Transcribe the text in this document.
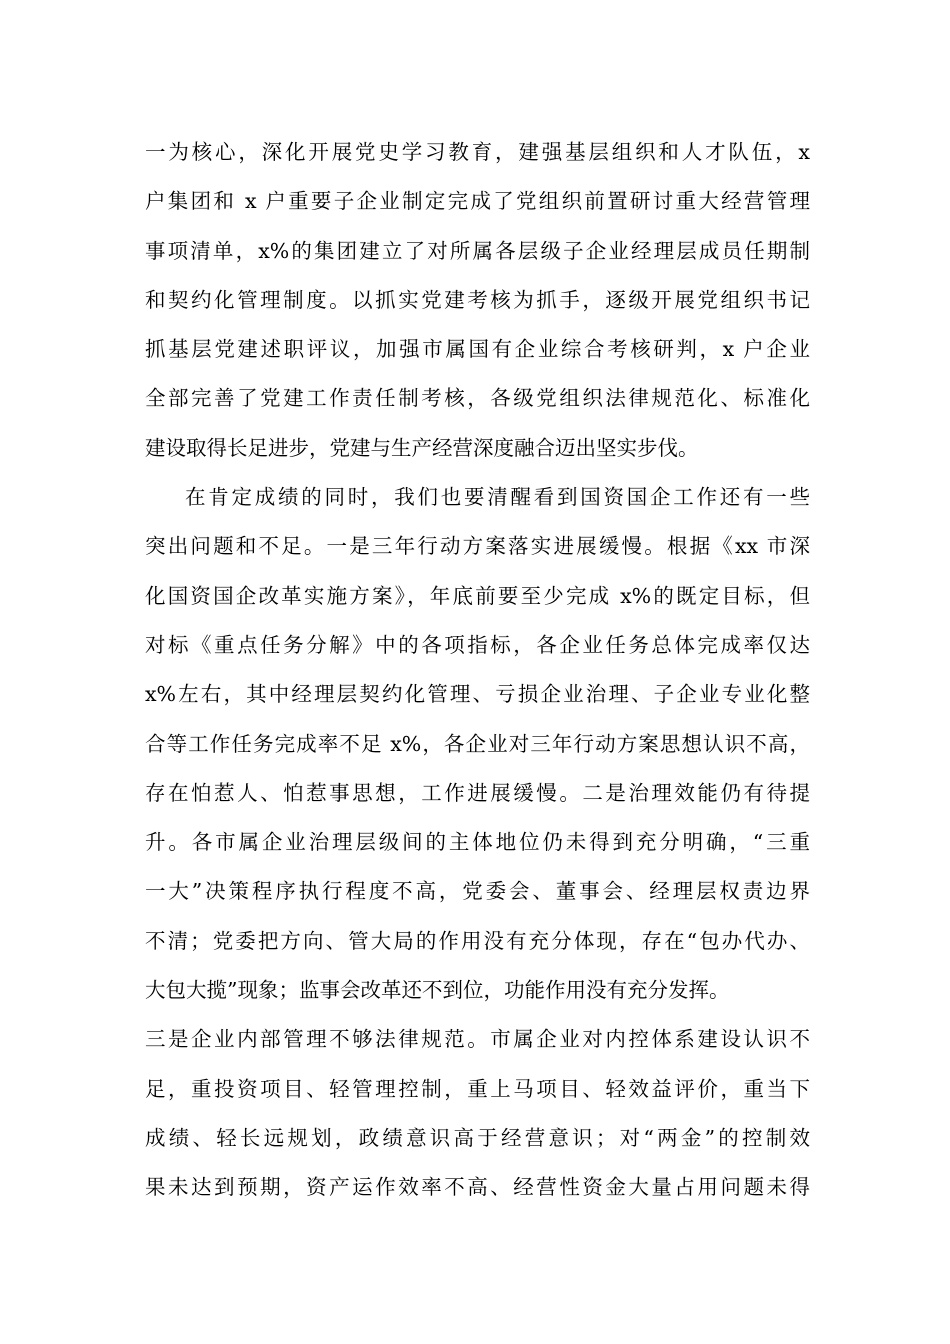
一为核心，深化开展党史学习教育，建强基层组织和人才队伍，x
户集团和 x 户重要子企业制定完成了党组织前置研讨重大经营管理
事项清单，x%的集团建立了对所属各层级子企业经理层成员任期制
和契约化管理制度。以抓实党建考核为抓手，逐级开展党组织书记
抓基层党建述职评议，加强市属国有企业综合考核研判，x 户企业
全部完善了党建工作责任制考核，各级党组织法律规范化、标准化
建设取得长足进步，党建与生产经营深度融合迈出坚实步伐。
在肯定成绩的同时，我们也要清醒看到国资国企工作还有一些
突出问题和不足。一是三年行动方案落实进展缓慢。根据《xx 市深
化国资国企改革实施方案》，年底前要至少完成 x%的既定目标，但
对标《重点任务分解》中的各项指标，各企业任务总体完成率仅达
x%左右，其中经理层契约化管理、亏损企业治理、子企业专业化整
合等工作任务完成率不足 x%，各企业对三年行动方案思想认识不高，
存在怕惹人、怕惹事思想，工作进展缓慢。二是治理效能仍有待提
升。各市属企业治理层级间的主体地位仍未得到充分明确，“三重
一大”决策程序执行程度不高，党委会、董事会、经理层权责边界
不清；党委把方向、管大局的作用没有充分体现，存在“包办代办、
大包大揽”现象；监事会改革还不到位，功能作用没有充分发挥。
三是企业内部管理不够法律规范。市属企业对内控体系建设认识不
足，重投资项目、轻管理控制，重上马项目、轻效益评价，重当下
成绩、轻长远规划，政绩意识高于经营意识；对“两金”的控制效
果未达到预期，资产运作效率不高、经营性资金大量占用问题未得
